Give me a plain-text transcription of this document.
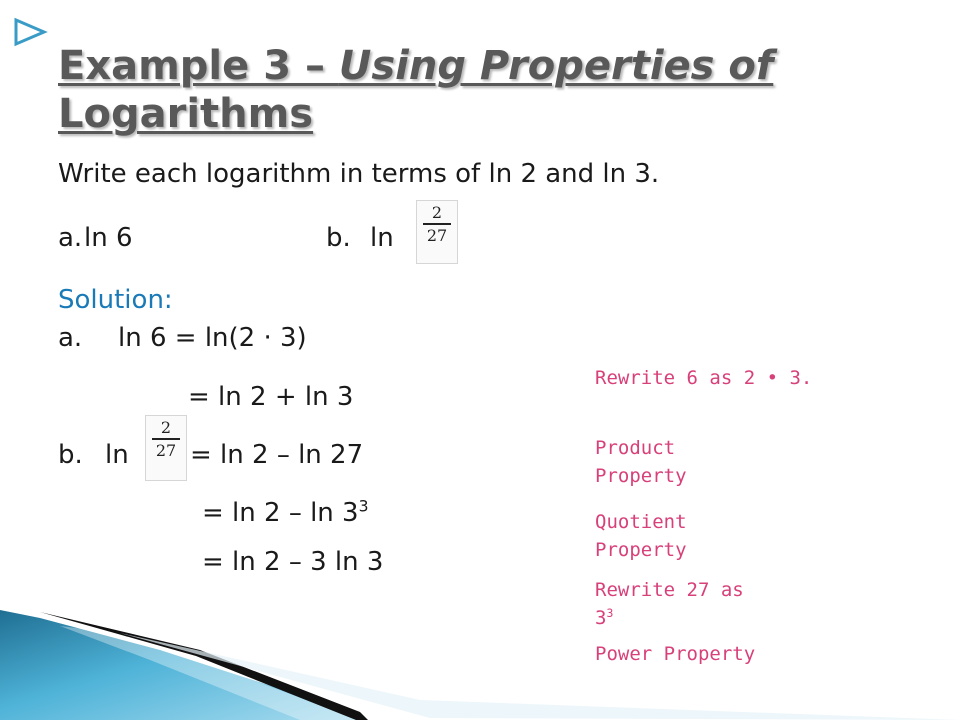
Example 3 – Using Properties of
Logarithms
Write each logarithm in terms of ln 2 and ln 3.
a. ln 6	b. ln
2
27
Solution:
a. ln 6 = ln(2 · 3)
= ln 2 + ln 3
b. ln
2
27 = ln 2 – ln 27
= $\ln 2 - \ln 3^3$
= ln 2 – 3 ln 3
Rewrite 6 as 2 • 3.
Product
Property
Quotient
Property
Rewrite 27 as
$3^3$
Power Property
